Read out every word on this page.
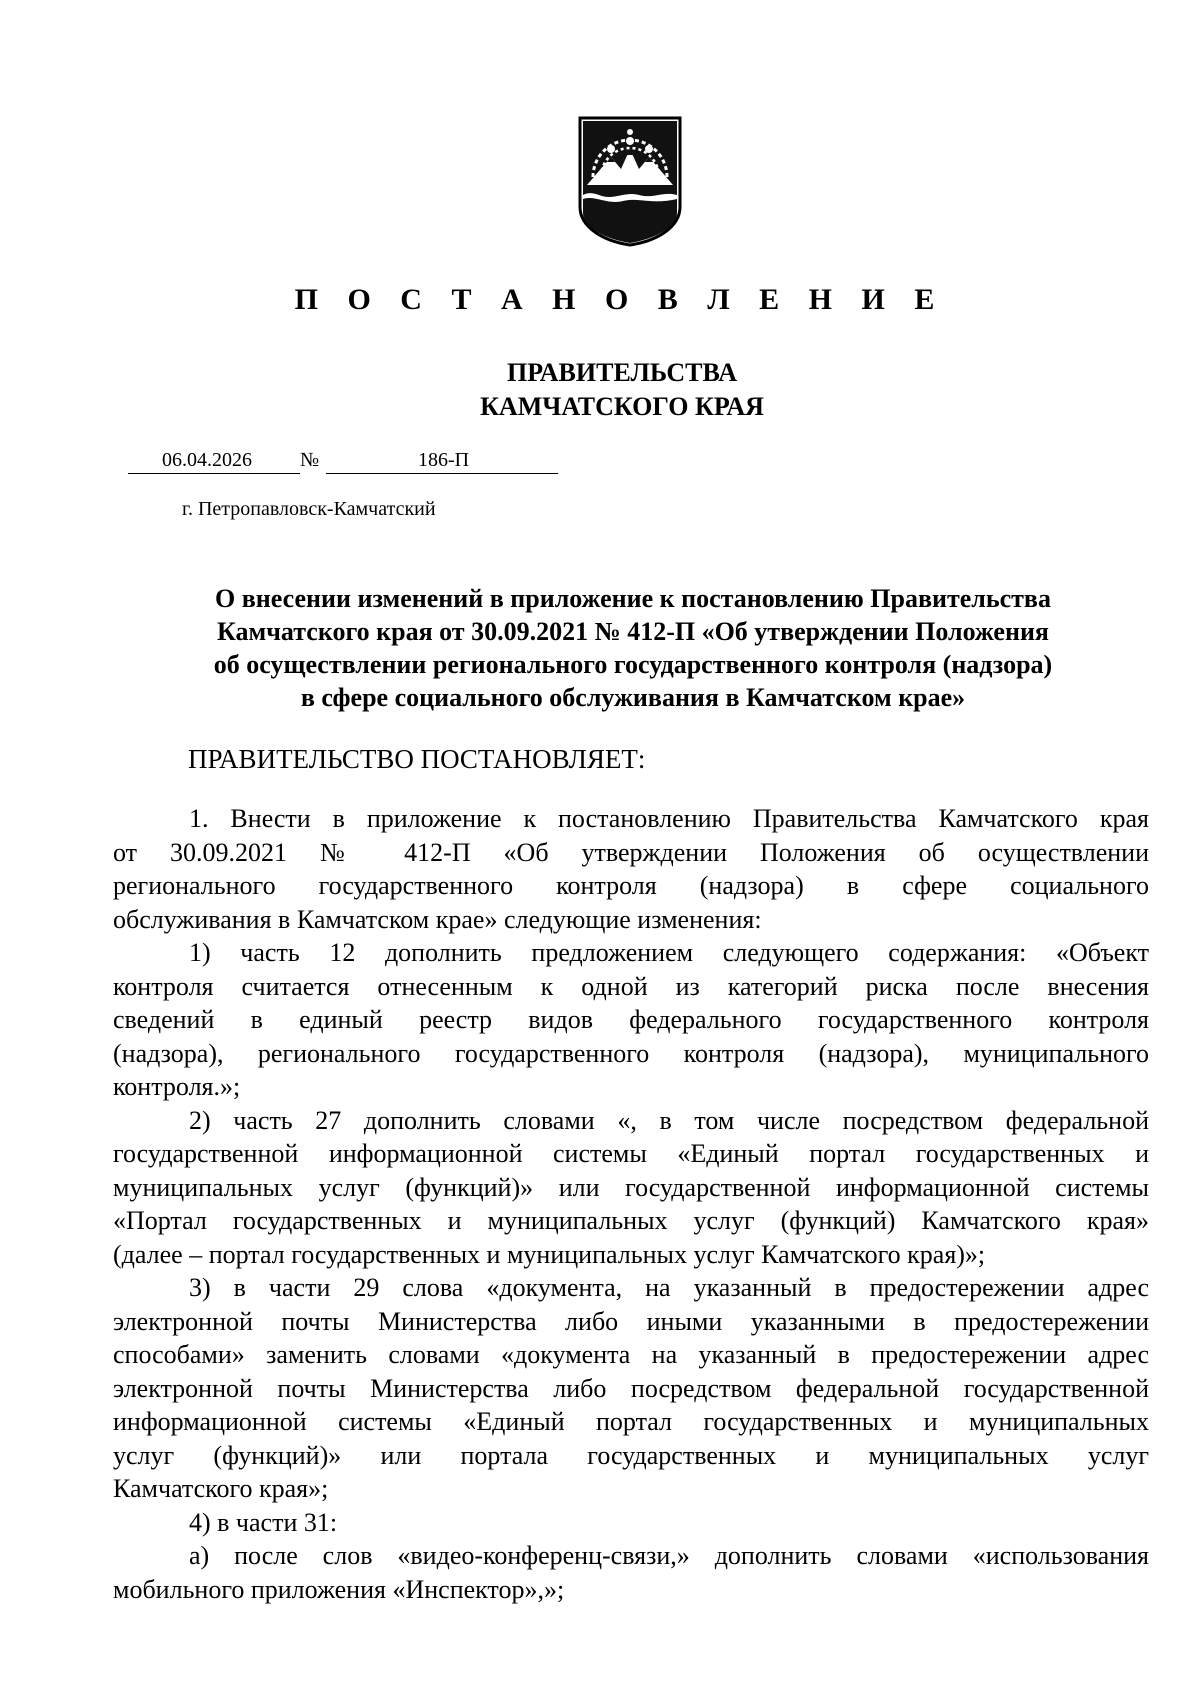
П О С Т А Н О В Л Е Н И Е
ПРАВИТЕЛЬСТВА
КАМЧАТСКОГО КРАЯ
06.04.2026 №	186-П
г. Петропавловск-Камчатский
О внесении изменений в приложение к постановлению Правительства
Камчатского края от 30.09.2021 № 412-П «Об утверждении Положения
об осуществлении регионального государственного контроля (надзора)
в сфере социального обслуживания в Камчатском крае»
ПРАВИТЕЛЬСТВО ПОСТАНОВЛЯЕТ:
1. Внести в приложение к постановлению Правительства Камчатского края
от 30.09.2021 № 412-П «Об утверждении Положения об осуществлении
регионального государственного контроля (надзора) в сфере социального
обслуживания в Камчатском крае» следующие изменения:
1) часть 12 дополнить предложением следующего содержания: «Объект
контроля считается отнесенным к одной из категорий риска после внесения
сведений в единый реестр видов федерального государственного контроля
(надзора), регионального государственного контроля (надзора), муниципального
контроля.»;
2) часть 27 дополнить словами «, в том числе посредством федеральной
государственной информационной системы «Единый портал государственных и
муниципальных услуг (функций)» или государственной информационной системы
«Портал государственных и муниципальных услуг (функций) Камчатского края»
(далее – портал государственных и муниципальных услуг Камчатского края)»;
3) в части 29 слова «документа, на указанный в предостережении адрес
электронной почты Министерства либо иными указанными в предостережении
способами» заменить словами «документа на указанный в предостережении адрес
электронной почты Министерства либо посредством федеральной государственной
информационной системы «Единый портал государственных и муниципальных
услуг (функций)» или портала государственных и муниципальных услуг
Камчатского края»;
4) в части 31:
а) после слов «видео-конференц-связи,» дополнить словами «использования
мобильного приложения «Инспектор»,»;
